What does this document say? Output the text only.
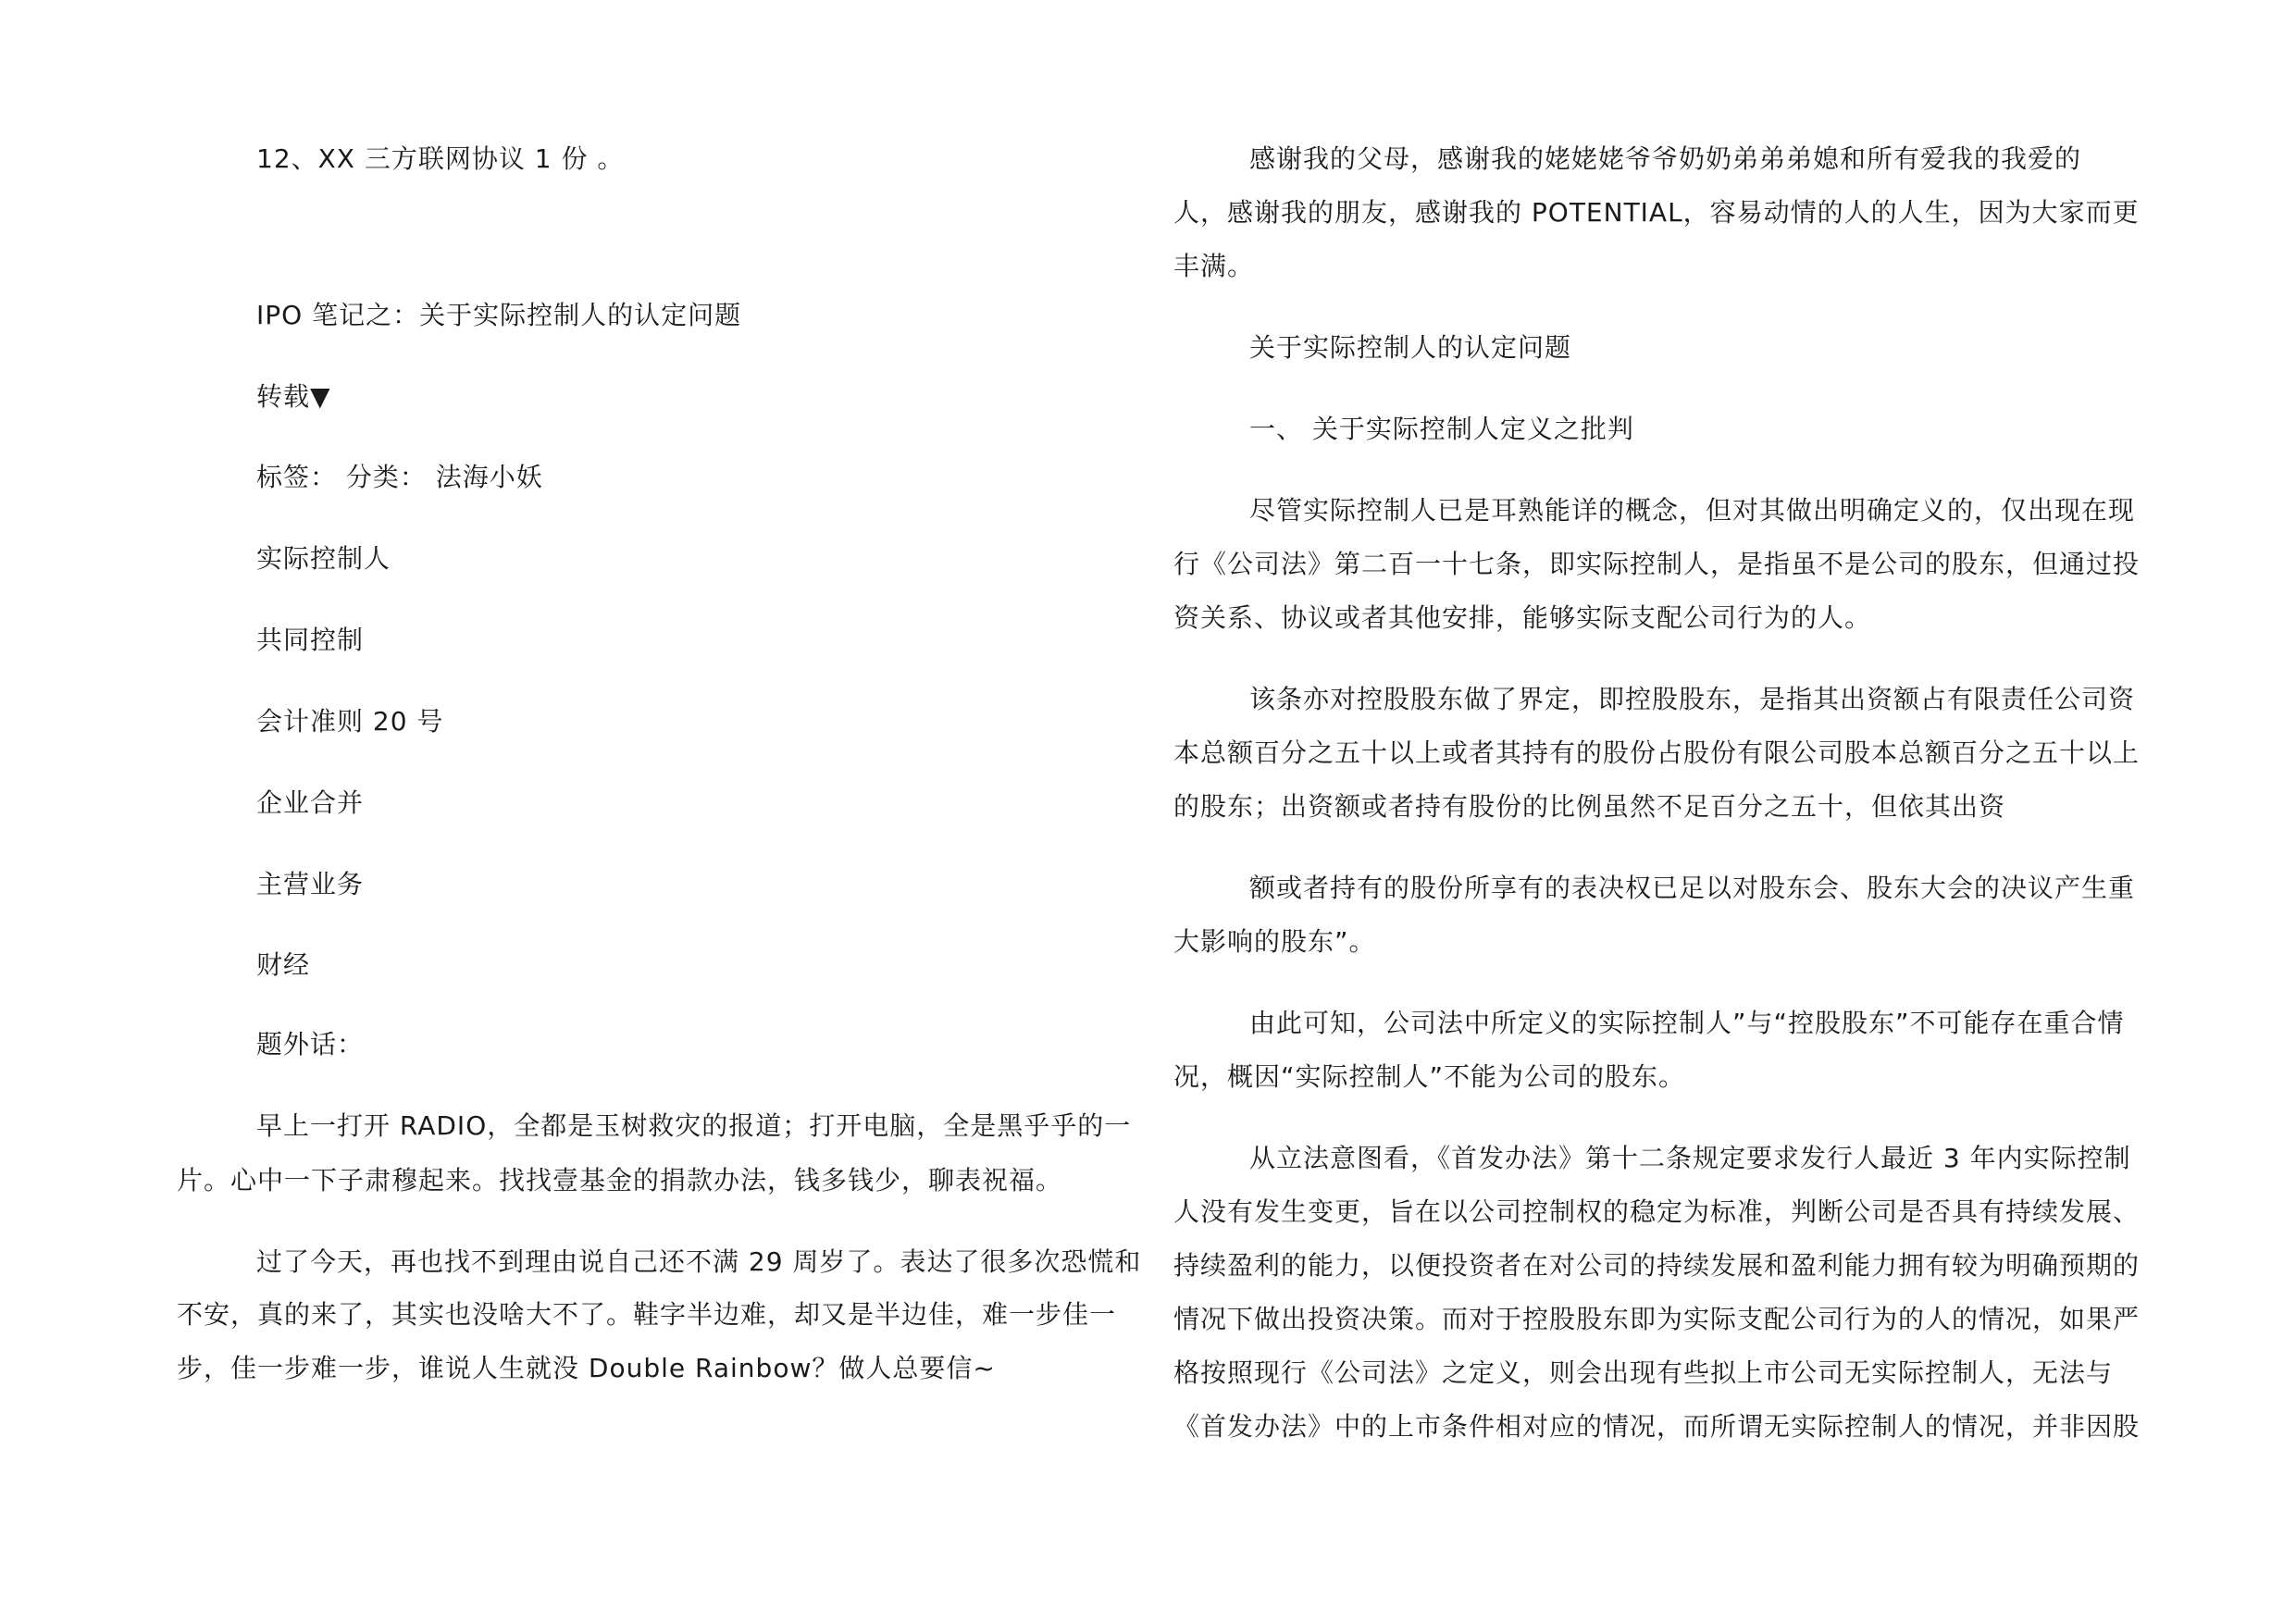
12、XX 三方联网协议 1 份 。
IPO 笔记之：关于实际控制人的认定问题
转载▼
标签： 分类： 法海小妖
实际控制人
共同控制
会计准则 20 号
企业合并
主营业务
财经
题外话：
早上一打开 RADIO，全都是玉树救灾的报道；打开电脑，全是黑乎乎的一
片。心中一下子肃穆起来。找找壹基金的捐款办法，钱多钱少，聊表祝福。
过了今天，再也找不到理由说自己还不满 29 周岁了。表达了很多次恐慌和
不安，真的来了，其实也没啥大不了。鞋字半边难，却又是半边佳，难一步佳一
步，佳一步难一步，谁说人生就没 Double Rainbow？做人总要信~
感谢我的父母，感谢我的姥姥姥爷爷奶奶弟弟弟媳和所有爱我的我爱的
人，感谢我的朋友，感谢我的 POTENTIAL，容易动情的人的人生，因为大家而更
丰满。
关于实际控制人的认定问题
一、 关于实际控制人定义之批判
尽管实际控制人已是耳熟能详的概念，但对其做出明确定义的，仅出现在现
行《公司法》第二百一十七条，即实际控制人，是指虽不是公司的股东，但通过投
资关系、协议或者其他安排，能够实际支配公司行为的人。
该条亦对控股股东做了界定，即控股股东，是指其出资额占有限责任公司资
本总额百分之五十以上或者其持有的股份占股份有限公司股本总额百分之五十以上
的股东；出资额或者持有股份的比例虽然不足百分之五十，但依其出资
额或者持有的股份所享有的表决权已足以对股东会、股东大会的决议产生重
大影响的股东”。
由此可知，公司法中所定义的实际控制人”与“控股股东”不可能存在重合情
况，概因“实际控制人”不能为公司的股东。
从立法意图看，《首发办法》第十二条规定要求发行人最近 3 年内实际控制
人没有发生变更，旨在以公司控制权的稳定为标准，判断公司是否具有持续发展、
持续盈利的能力，以便投资者在对公司的持续发展和盈利能力拥有较为明确预期的
情况下做出投资决策。而对于控股股东即为实际支配公司行为的人的情况，如果严
格按照现行《公司法》之定义，则会出现有些拟上市公司无实际控制人，无法与
《首发办法》中的上市条件相对应的情况，而所谓无实际控制人的情况，并非因股
